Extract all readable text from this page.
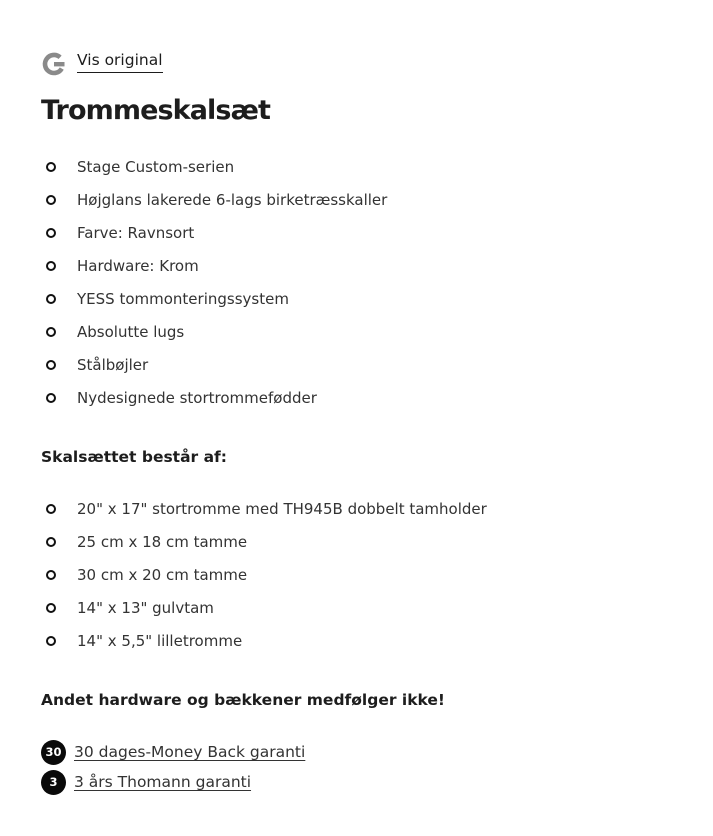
Vis original
Trommeskalsæt
Stage Custom-serien
Højglans lakerede 6-lags birketræsskaller
Farve: Ravnsort
Hardware: Krom
YESS tommonteringssystem
Absolutte lugs
Stålbøjler
Nydesignede stortrommefødder

Skalsættet består af:

20" x 17" stortromme med TH945B dobbelt tamholder
25 cm x 18 cm tamme
30 cm x 20 cm tamme
14" x 13" gulvtam
14" x 5,5" lilletromme

Andet hardware og bækkener medfølger ikke!

30 30 dages-Money Back garanti
3	3 års Thomann garanti
